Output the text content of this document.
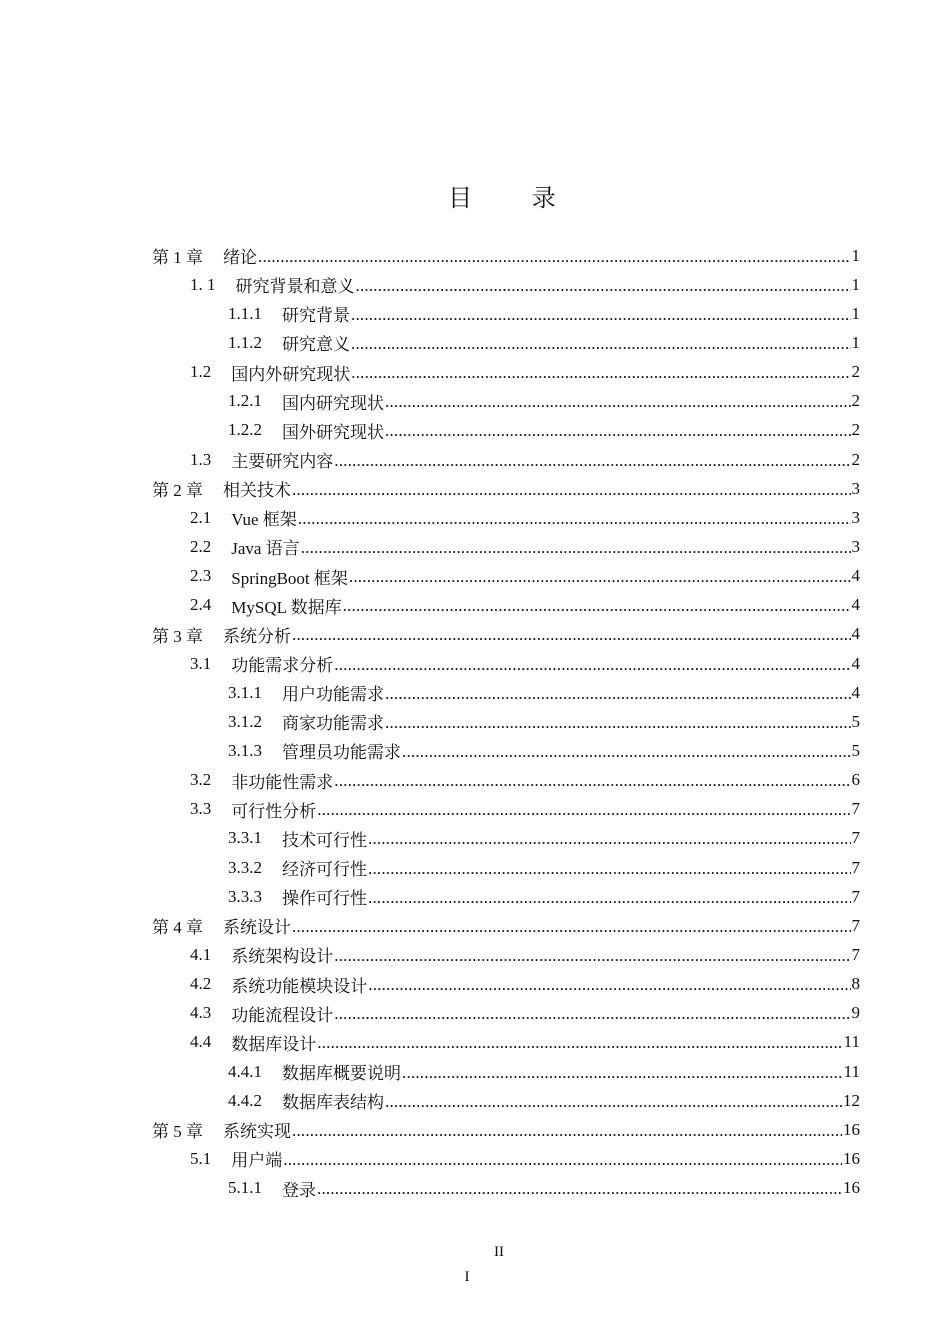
目 录
第 1 章 绪论 .....	1
1. 1 研究背景和意义 .....	1
1.1.1 研究背景 .....	1
1.1.2 研究意义 .....	1
1.2 国内外研究现状 .....	2
1.2.1 国内研究现状 .....	2
1.2.2 国外研究现状 .....	2
1.3 主要研究内容 .....	2
第 2 章 相关技术 .....	3
2.1 Vue 框架 .....	3
2.2 Java 语言 .....	3
2.3 SpringBoot 框架 .....	4
2.4 MySQL 数据库 .....	4
第 3 章 系统分析 .....	4
3.1 功能需求分析 .....	4
3.1.1 用户功能需求 .....	4
3.1.2 商家功能需求 .....	5
3.1.3 管理员功能需求 .....	5
3.2 非功能性需求 .....	6
3.3 可行性分析 .....	7
3.3.1 技术可行性 .....	7
3.3.2 经济可行性 .....	7
3.3.3 操作可行性 .....	7
第 4 章 系统设计 .....	7
4.1 系统架构设计 .....	7
4.2 系统功能模块设计 .....	8
4.3 功能流程设计 .....	9
4.4 数据库设计 .....	11
4.4.1 数据库概要说明 .....	11
4.4.2 数据库表结构 .....	12
第 5 章 系统实现 .....	16
5.1 用户端 .....	16
5.1.1 登录 .....	16
II
I
